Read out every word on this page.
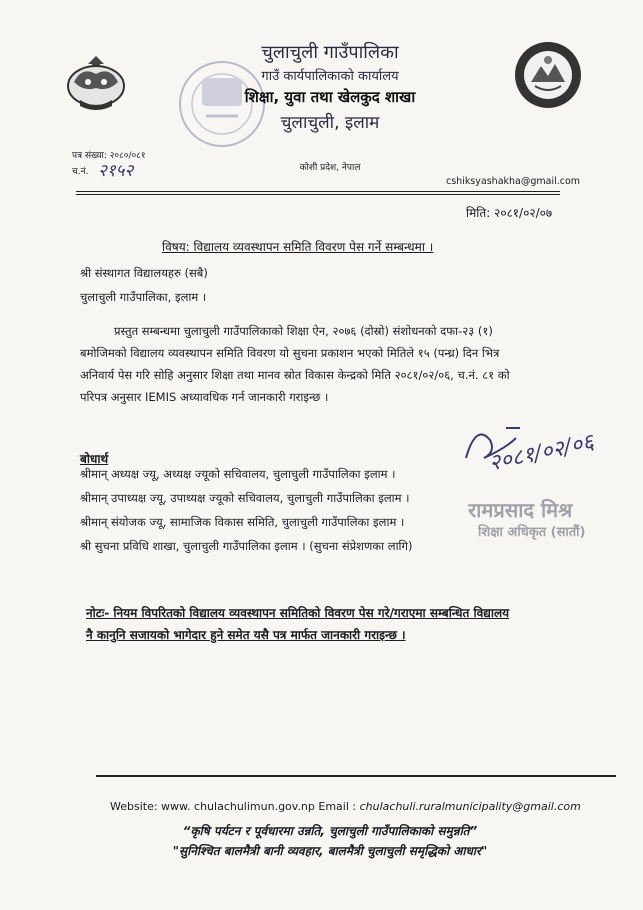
चुलाचुली गाउँपालिका
गाउँ कार्यपालिकाको कार्यालय
शिक्षा, युवा तथा खेलकुद शाखा
चुलाचुली, इलाम
कोशी प्रदेश, नेपाल
पत्र संख्या: २०८०/०८१
च.नं. २१५२
cshiksyashakha@gmail.com
मिति: २०८१/०२/०७
विषय: विद्यालय व्यवस्थापन समिति विवरण पेस गर्ने सम्बन्धमा ।
श्री संस्थागत विद्यालयहरु (सबै)
चुलाचुली गाउँपालिका, इलाम ।
प्रस्तुत सम्बन्धमा चुलाचुली गाउँपालिकाको शिक्षा ऐन, २०७६ (दोस्रो) संशोधनको दफा-२३ (१)
बमोजिमको विद्यालय व्यवस्थापन समिति विवरण यो सुचना प्रकाशन भएको मितिले १५ (पन्ध्र) दिन भित्र
अनिवार्य पेस गरि सोहि अनुसार शिक्षा तथा मानव स्रोत विकास केन्द्रको मिति २०८१/०२/०६, च.नं. ८१ को
परिपत्र अनुसार IEMIS अध्यावधिक गर्न जानकारी गराइन्छ ।
बोधार्थ
श्रीमान् अध्यक्ष ज्यू, अध्यक्ष ज्यूको सचिवालय, चुलाचुली गाउँपालिका इलाम ।
श्रीमान् उपाध्यक्ष ज्यू, उपाध्यक्ष ज्यूको सचिवालय, चुलाचुली गाउँपालिका इलाम ।
श्रीमान् संयोजक ज्यू, सामाजिक विकास समिति, चुलाचुली गाउँपालिका इलाम ।
श्री सुचना प्रविधि शाखा, चुलाचुली गाउँपालिका इलाम । (सुचना संप्रेशणका लागि)
२०८१/०२/०६
रामप्रसाद मिश्र
शिक्षा अधिकृत (सातौं)
नोटः- नियम विपरितको विद्यालय व्यवस्थापन समितिको विवरण पेस गरे/गराएमा सम्बन्धित विद्यालय
नै कानुनि सजायको भागेदार हुने समेत यसै पत्र मार्फत जानकारी गराइन्छ ।
Website: www. chulachulimun.gov.np Email : chulachuli.ruralmunicipality@gmail.com
“कृषि पर्यटन र पूर्वधारमा उन्नति, चुलाचुली गाउँपालिकाको समुन्नति”
"सुनिश्चित बालमैत्री बानी व्यवहार, बालमैत्री चुलाचुली समृद्धिको आधार"
